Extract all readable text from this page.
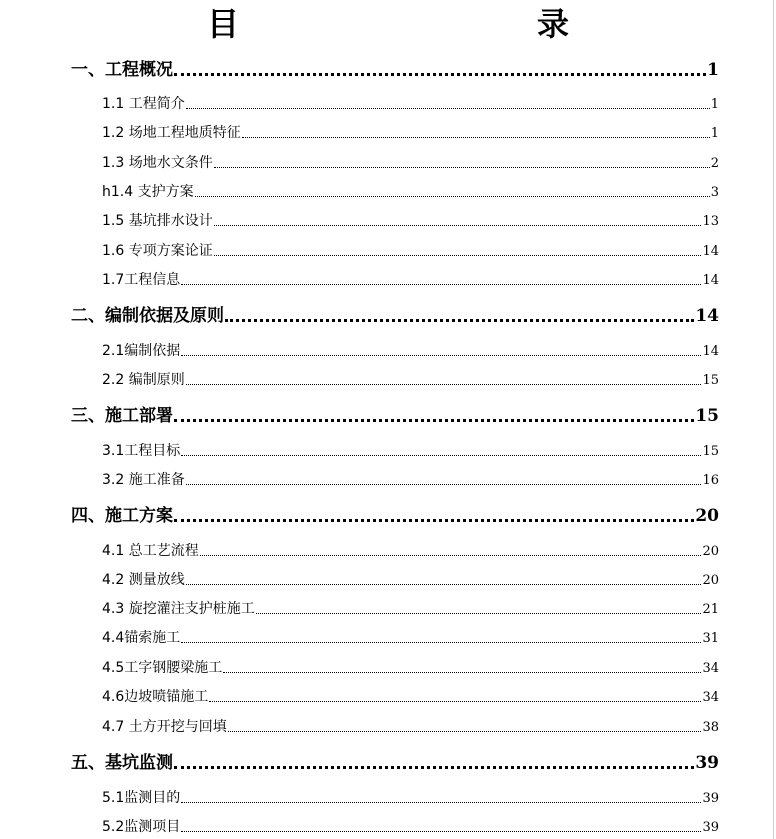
目　　录
一、工程概况	1
1.1 工程简介	1
1.2 场地工程地质特征	1
1.3 场地水文条件	2
h1.4 支护方案	3
1.5 基坑排水设计	13
1.6 专项方案论证	14
1.7工程信息	14
二、编制依据及原则	14
2.1编制依据	14
2.2 编制原则	15
三、施工部署	15
3.1工程目标	15
3.2 施工准备	16
四、施工方案	20
4.1 总工艺流程	20
4.2 测量放线	20
4.3 旋挖灌注支护桩施工	21
4.4锚索施工	31
4.5工字钢腰梁施工	34
4.6边坡喷锚施工	34
4.7 土方开挖与回填	38
五、基坑监测	39
5.1监测目的	39
5.2监测项目	39
